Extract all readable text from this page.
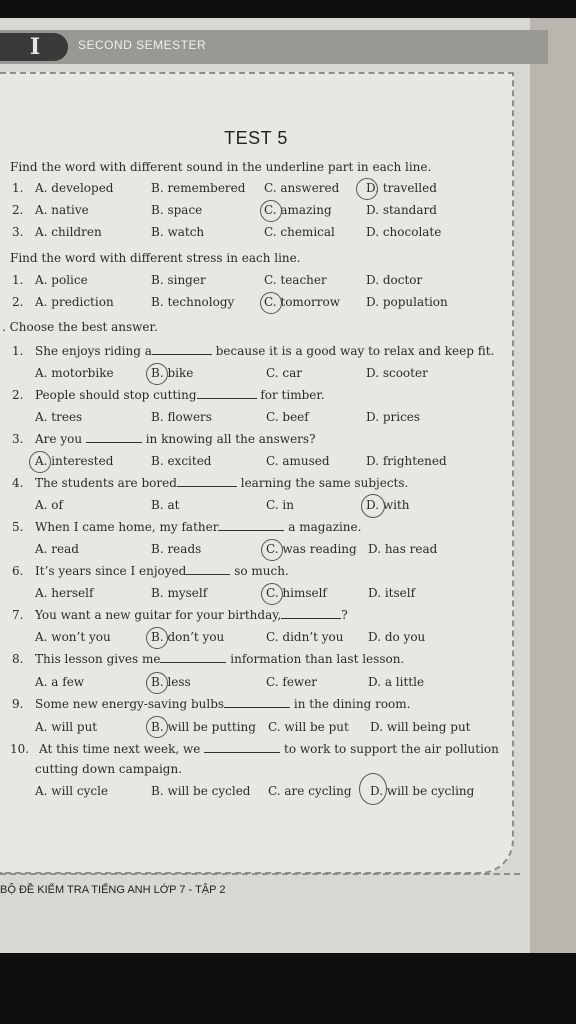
I	SECOND SEMESTER
TEST 5
Find the word with different sound in the underline part in each line.
1. A. developed	B. remembered C. answered D. travelled
2. A. native	B. space	C. amazing	D. standard
3. A. children	B. watch	C. chemical	D. chocolate
Find the word with different stress in each line.
1. A. police	B. singer	C. teacher	D. doctor
2. A. prediction	B. technology C. tomorrow D. population
. Choose the best answer.
1. She enjoys riding a	because it is a good way to relax and keep fit.
A. motorbike	B. bike	C. car	D. scooter
2. People should stop cutting	for timber.
A. trees	B. flowers	C. beef	D. prices
3. Are you	in knowing all the answers?
A. interested	B. excited	C. amused	D. frightened
4. The students are bored	learning the same subjects.
A. of	B. at	C. in	D. with
5. When I came home, my father	a magazine.
A. read	B. reads	C. was reading D. has read
6. It’s years since I enjoyed	so much.
A. herself	B. myself	C. himself	D. itself
7. You want a new guitar for your birthday,	?
A. won’t you	B. don’t you	C. didn’t you D. do you
8. This lesson gives me	information than last lesson.
A. a few	B. less	C. fewer	D. a little
9. Some new energy-saving bulbs	in the dining room.
A. will put	B. will be putting C. will be put D. will being put
10. At this time next week, we	to work to support the air pollution
cutting down campaign.
A. will cycle	B. will be cycled C. are cycling D. will be cycling
BỘ ĐỀ KIỂM TRA TIẾNG ANH LỚP 7 - TẬP 2
